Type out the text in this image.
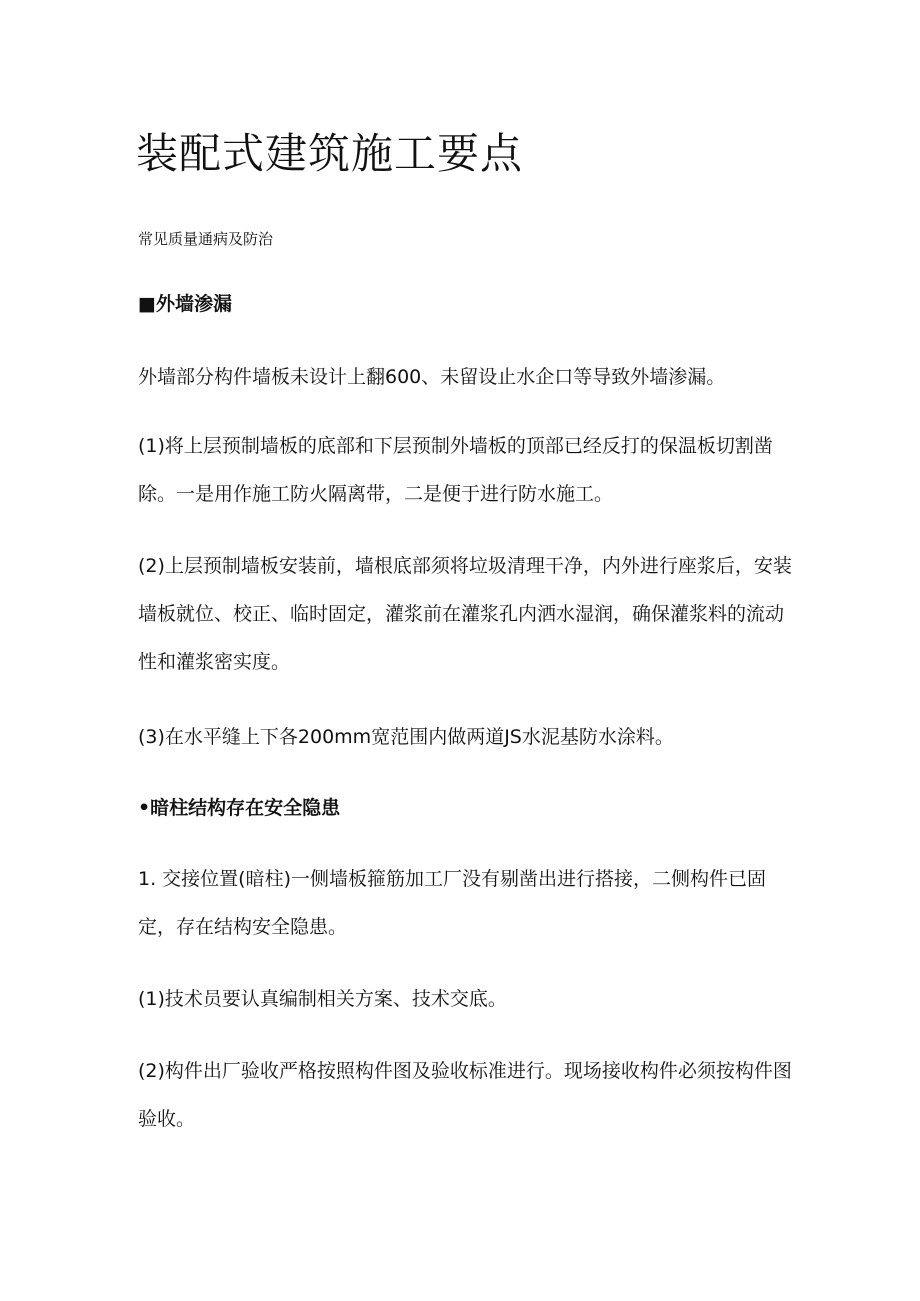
装配式建筑施工要点

常见质量通病及防治

■外墙渗漏

外墙部分构件墙板未设计上翻600、未留设止水企口等导致外墙渗漏。

(1)将上层预制墙板的底部和下层预制外墙板的顶部已经反打的保温板切割凿除。一是用作施工防火隔离带，二是便于进行防水施工。

(2)上层预制墙板安装前，墙根底部须将垃圾清理干净，内外进行座浆后，安装墙板就位、校正、临时固定，灌浆前在灌浆孔内洒水湿润，确保灌浆料的流动性和灌浆密实度。

(3)在水平缝上下各200mm宽范围内做两道JS水泥基防水涂料。

•暗柱结构存在安全隐患

1. 交接位置(暗柱)一侧墙板箍筋加工厂没有剔凿出进行搭接，二侧构件已固定，存在结构安全隐患。

(1)技术员要认真编制相关方案、技术交底。

(2)构件出厂验收严格按照构件图及验收标准进行。现场接收构件必须按构件图验收。
